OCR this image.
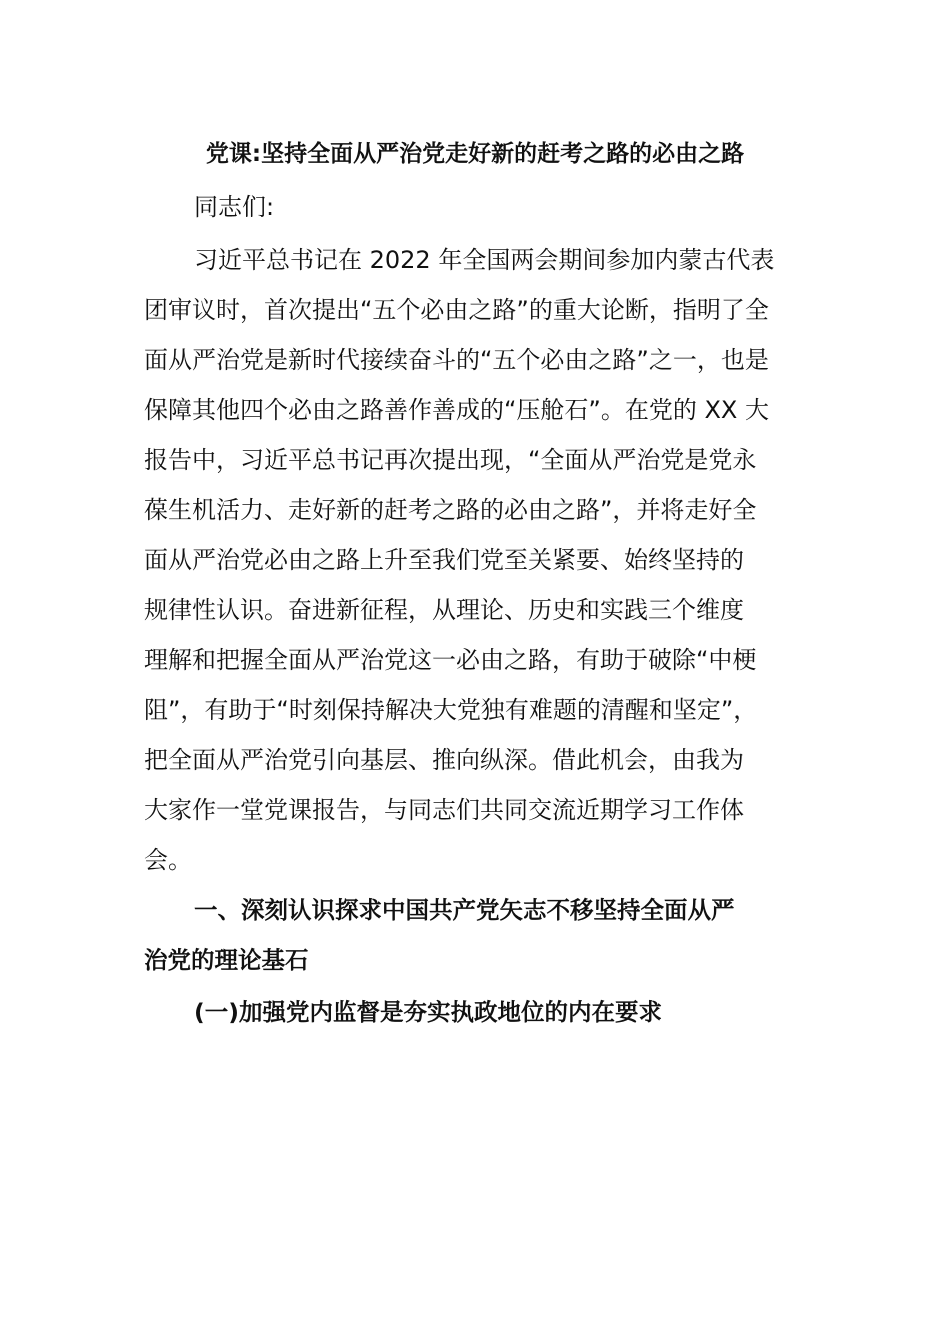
党课:坚持全面从严治党走好新的赶考之路的必由之路
同志们:
习近平总书记在 2022 年全国两会期间参加内蒙古代表
团审议时，首次提出“五个必由之路”的重大论断，指明了全
面从严治党是新时代接续奋斗的“五个必由之路”之一，也是
保障其他四个必由之路善作善成的“压舱石”。在党的 XX 大
报告中，习近平总书记再次提出现，“全面从严治党是党永
葆生机活力、走好新的赶考之路的必由之路”，并将走好全
面从严治党必由之路上升至我们党至关紧要、始终坚持的
规律性认识。奋进新征程，从理论、历史和实践三个维度
理解和把握全面从严治党这一必由之路，有助于破除“中梗
阻”，有助于“时刻保持解决大党独有难题的清醒和坚定”，
把全面从严治党引向基层、推向纵深。借此机会，由我为
大家作一堂党课报告，与同志们共同交流近期学习工作体
会。
一、深刻认识探求中国共产党矢志不移坚持全面从严
治党的理论基石
(一)加强党内监督是夯实执政地位的内在要求
